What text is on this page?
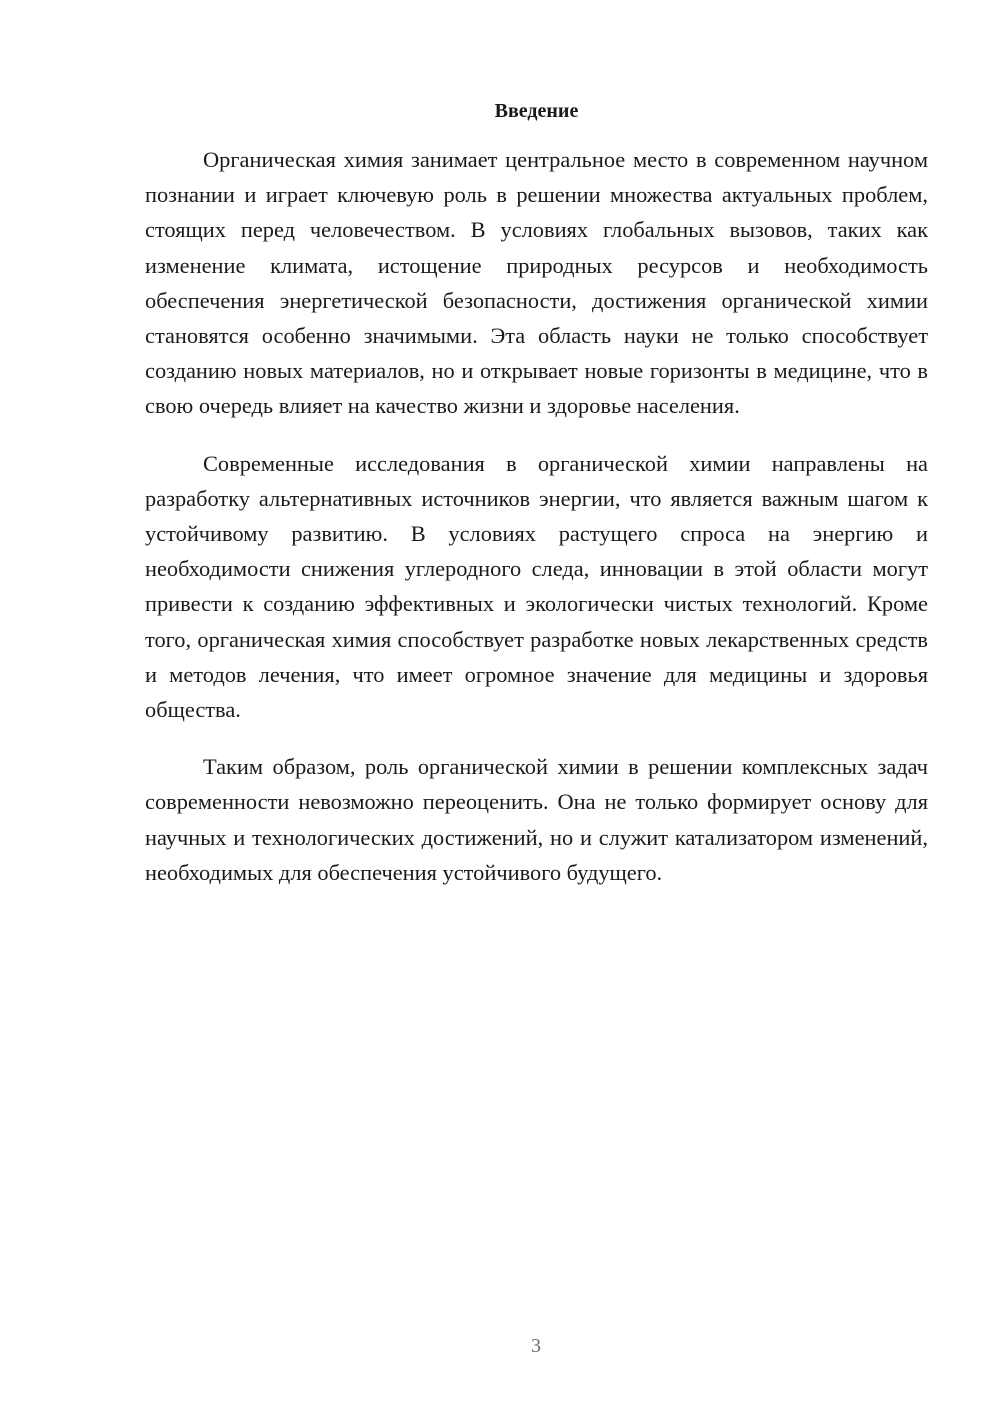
Введение

Органическая химия занимает центральное место в современном научном познании и играет ключевую роль в решении множества актуальных проблем, стоящих перед человечеством. В условиях глобальных вызовов, таких как изменение климата, истощение природных ресурсов и необходимость обеспечения энергетической безопасности, достижения органической химии становятся особенно значимыми. Эта область науки не только способствует созданию новых материалов, но и открывает новые горизонты в медицине, что в свою очередь влияет на качество жизни и здоровье населения.

Современные исследования в органической химии направлены на разработку альтернативных источников энергии, что является важным шагом к устойчивому развитию. В условиях растущего спроса на энергию и необходимости снижения углеродного следа, инновации в этой области могут привести к созданию эффективных и экологически чистых технологий. Кроме того, органическая химия способствует разработке новых лекарственных средств и методов лечения, что имеет огромное значение для медицины и здоровья общества.

Таким образом, роль органической химии в решении комплексных задач современности невозможно переоценить. Она не только формирует основу для научных и технологических достижений, но и служит катализатором изменений, необходимых для обеспечения устойчивого будущего.

3
